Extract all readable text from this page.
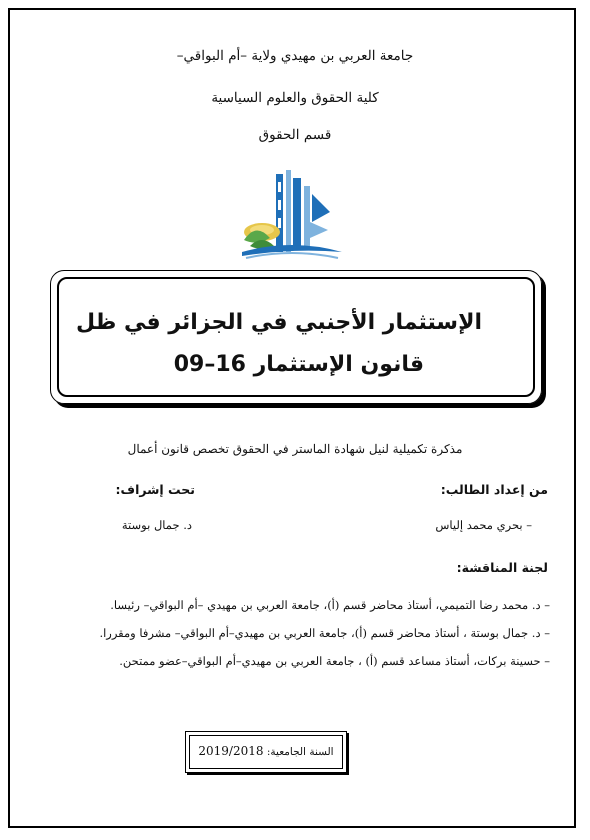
جامعة العربي بن مهيدي ولاية –أم البواقي–
كلية الحقوق والعلوم السياسية
قسم الحقوق
الإستثمار الأجنبي في الجزائر في ظل
قانون الإستثمار 16–09
مذكرة تكميلية لنيل شهادة الماستر في الحقوق تخصص قانون أعمال
من إعداد الطالب:
تحت إشراف:
– بحري محمد إلياس
د. جمال بوستة
لجنة المناقشة:
– د. محمد رضا التميمي، أستاذ محاضر قسم (أ)، جامعة العربي بن مهيدي –أم البواقي– رئيسا.
– د. جمال بوستة ، أستاذ محاضر قسم (أ)، جامعة العربي بن مهيدي–أم البواقي– مشرفا ومقررا.
– حسينة بركات، أستاذ مساعد قسم (أ) ، جامعة العربي بن مهيدي–أم البواقي–عضو ممتحن.
السنة الجامعية: 2019/2018
